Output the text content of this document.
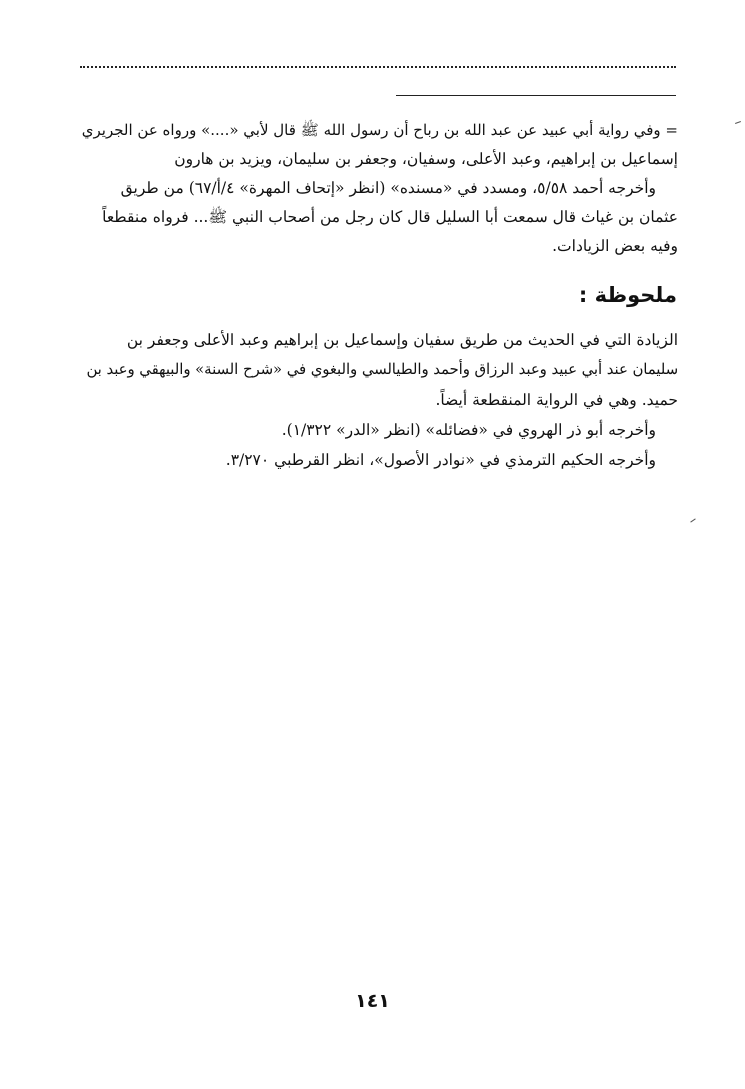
= وفي رواية أبي عبيد عن عبد الله بن رباح أن رسول الله ﷺ قال لأبي «....» ورواه عن الجريري
إسماعيل بن إبراهيم، وعبد الأعلى، وسفيان، وجعفر بن سليمان، ويزيد بن هارون
وأخرجه أحمد ٥/٥٨، ومسدد في «مسنده» (انظر «إتحاف المهرة» ٤/أ/٦٧) من طريق
عثمان بن غياث قال سمعت أبا السليل قال كان رجل من أصحاب النبي ﷺ... فرواه منقطعاً
وفيه بعض الزيادات.
ملحوظة :
الزيادة التي في الحديث من طريق سفيان وإسماعيل بن إبراهيم وعبد الأعلى وجعفر بن
سليمان عند أبي عبيد وعبد الرزاق وأحمد والطيالسي والبغوي في «شرح السنة» والبيهقي وعبد بن
حميد. وهي في الرواية المنقطعة أيضاً.
وأخرجه أبو ذر الهروي في «فضائله» (انظر «الدر» ١/٣٢٢).
وأخرجه الحكيم الترمذي في «نوادر الأصول»، انظر القرطبي ٣/٢٧٠.
١٤١
